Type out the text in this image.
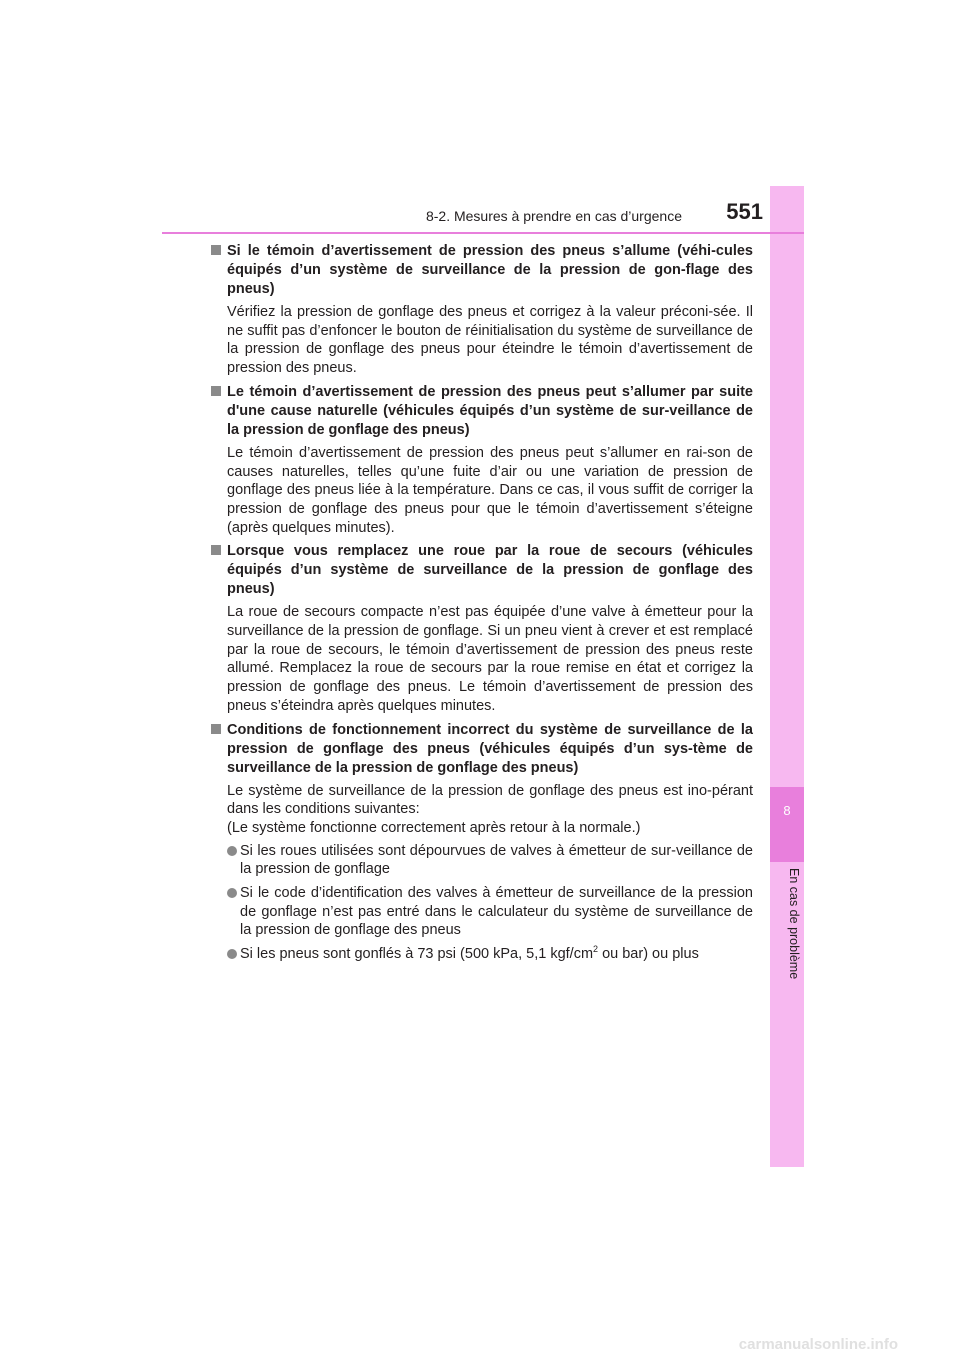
8
En cas de problème
8-2. Mesures à prendre en cas d’urgence	551

Si le témoin d’avertissement de pression des pneus s’allume (véhi-cules équipés d’un système de surveillance de la pression de gon-flage des pneus)

Vérifiez la pression de gonflage des pneus et corrigez à la valeur préconi-sée. Il ne suffit pas d’enfoncer le bouton de réinitialisation du système de surveillance de la pression de gonflage des pneus pour éteindre le témoin d’avertissement de pression des pneus.

Le témoin d’avertissement de pression des pneus peut s’allumer par suite d'une cause naturelle (véhicules équipés d’un système de sur-veillance de la pression de gonflage des pneus)

Le témoin d’avertissement de pression des pneus peut s’allumer en rai-son de causes naturelles, telles qu’une fuite d’air ou une variation de pression de gonflage des pneus liée à la température. Dans ce cas, il vous suffit de corriger la pression de gonflage des pneus pour que le témoin d’avertissement s’éteigne (après quelques minutes).

Lorsque vous remplacez une roue par la roue de secours (véhicules équipés d’un système de surveillance de la pression de gonflage des pneus)

La roue de secours compacte n’est pas équipée d’une valve à émetteur pour la surveillance de la pression de gonflage. Si un pneu vient à crever et est remplacé par la roue de secours, le témoin d’avertissement de pression des pneus reste allumé. Remplacez la roue de secours par la roue remise en état et corrigez la pression de gonflage des pneus. Le témoin d’avertissement de pression des pneus s’éteindra après quelques minutes.

Conditions de fonctionnement incorrect du système de surveillance de la pression de gonflage des pneus (véhicules équipés d’un sys-tème de surveillance de la pression de gonflage des pneus)

Le système de surveillance de la pression de gonflage des pneus est ino-pérant dans les conditions suivantes:
(Le système fonctionne correctement après retour à la normale.)

Si les roues utilisées sont dépourvues de valves à émetteur de sur-veillance de la pression de gonflage
Si le code d’identification des valves à émetteur de surveillance de la pression de gonflage n’est pas entré dans le calculateur du système de surveillance de la pression de gonflage des pneus
Si les pneus sont gonflés à 73 psi (500 kPa, 5,1 kgf/$cm^2$ ou bar) ou plus
carmanualsonline.info
